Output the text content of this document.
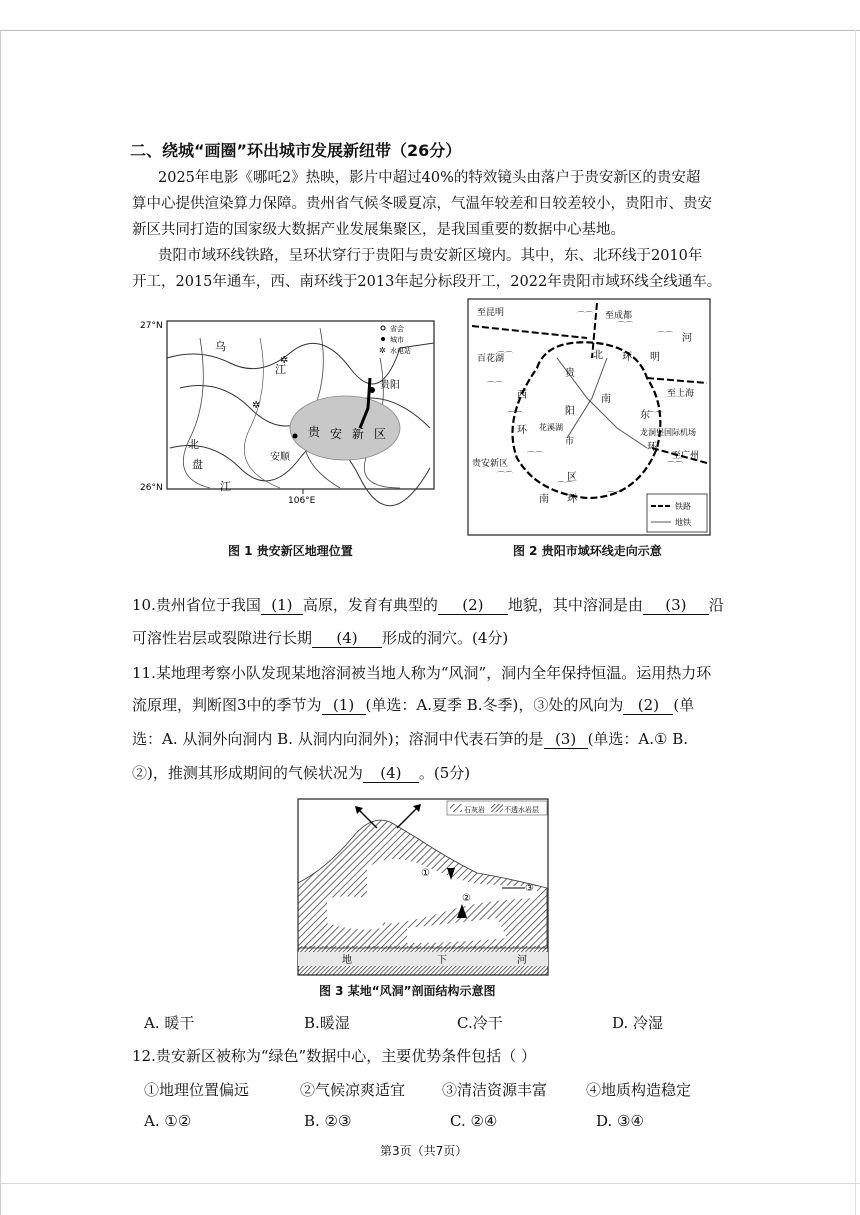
二、绕城“画圈”环出城市发展新纽带（26分）
2025年电影《哪吒2》热映，影片中超过40%的特效镜头由落户于贵安新区的贵安超
算中心提供渲染算力保障。贵州省气候冬暖夏凉，气温年较差和日较差较小，贵阳市、贵安
新区共同打造的国家级大数据产业发展集聚区，是我国重要的数据中心基地。
贵阳市域环线铁路，呈环状穿行于贵阳与贵安新区境内。其中，东、北环线于2010年
开工，2015年通车，西、南环线于2013年起分标段开工，2022年贵阳市域环线全线通车。
27°N
26°N
106°E
省会
城市
✲ 水电站
乌
江
北
盘
江
贵阳
安顺
贵 安 新 区
✲
✲
图 1 贵安新区地理位置
⌒⌒
⌒⌒
⌒⌒
⌒⌒
⌒⌒
⌒⌒
⌒⌒
⌒⌒
⌒⌒
⌒⌒
⌒⌒
⌒⌒
至昆明	至成都
至上海
至广州
百花湖
贵安新区
北 环 明
河
贵
阳
市
南
东
西
环
区
南 环
花溪湖
龙洞堡国际机场
环
铁路
地铁
图 2 贵阳市域环线走向示意
10.贵州省位于我国 (1) 高原，发育有典型的 (2) 地貌，其中溶洞是由 (3) 沿
可溶性岩层或裂隙进行长期 (4) 形成的洞穴。(4分)
11.某地理考察小队发现某地溶洞被当地人称为“风洞”，洞内全年保持恒温。运用热力环
流原理，判断图3中的季节为 (1) (单选：A.夏季 B.冬季)，③处的风向为 (2) (单
选：A. 从洞外向洞内 B. 从洞内向洞外)；溶洞中代表石笋的是 (3) (单选：A.① B.
②)，推测其形成期间的气候状况为 (4) 。(5分)
石灰岩	不透水岩层
①
②
③
地	下	河
图 3 某地“风洞”剖面结构示意图
A. 暖干	B.暖湿	C.冷干	D. 冷湿
12.贵安新区被称为“绿色”数据中心，主要优势条件包括（ ）
①地理位置偏远	②气候凉爽适宜 ③清洁资源丰富	④地质构造稳定
A. ①②	B. ②③	C. ②④	D. ③④
第3页（共7页）
